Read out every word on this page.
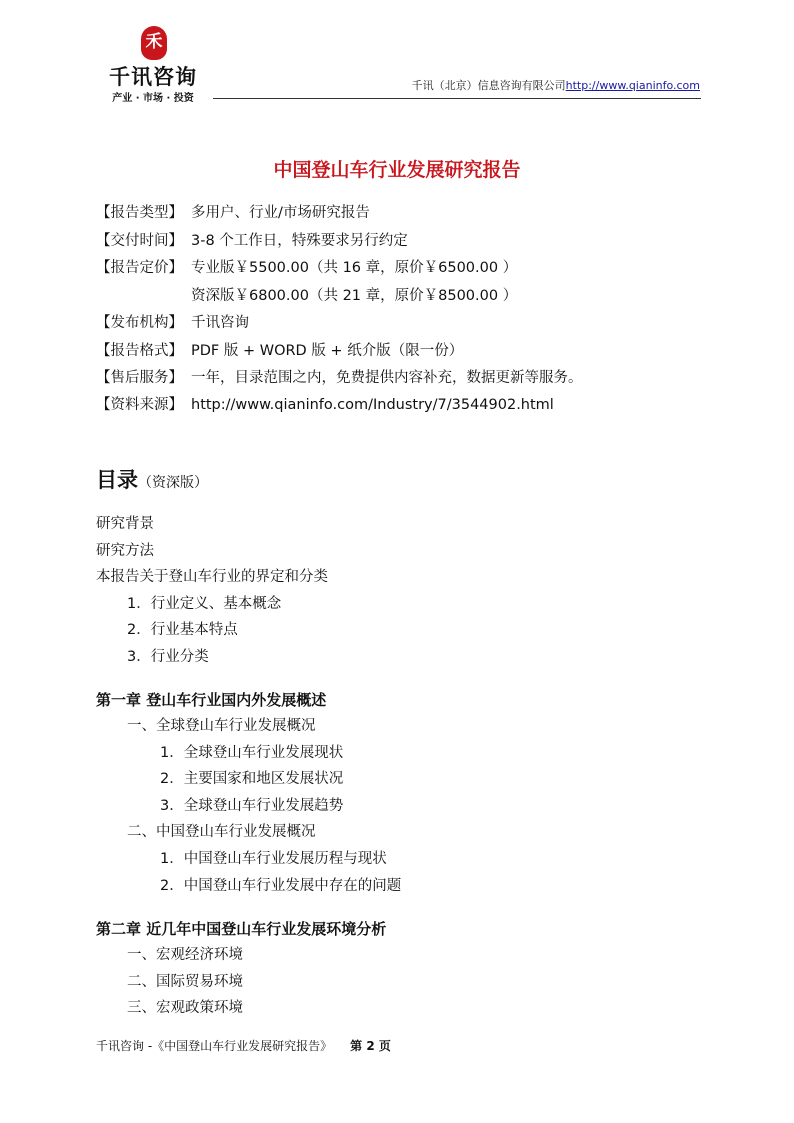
禾
千讯咨询
产业 · 市场 · 投资
千讯（北京）信息咨询有限公司http://www.qianinfo.com
中国登山车行业发展研究报告
【报告类型】 多用户、行业/市场研究报告
【交付时间】 3-8 个工作日，特殊要求另行约定
【报告定价】 专业版￥5500.00（共 16 章，原价￥6500.00 ）
资深版￥6800.00（共 21 章，原价￥8500.00 ）
【发布机构】 千讯咨询
【报告格式】 PDF 版 + WORD 版 + 纸介版（限一份）
【售后服务】 一年，目录范围之内，免费提供内容补充，数据更新等服务。
【资料来源】 http://www.qianinfo.com/Industry/7/3544902.html
目录（资深版）
研究背景
研究方法
本报告关于登山车行业的界定和分类
1．行业定义、基本概念
2．行业基本特点
3．行业分类
第一章 登山车行业国内外发展概述
一、全球登山车行业发展概况
1．全球登山车行业发展现状
2．主要国家和地区发展状况
3．全球登山车行业发展趋势
二、中国登山车行业发展概况
1．中国登山车行业发展历程与现状
2．中国登山车行业发展中存在的问题
第二章 近几年中国登山车行业发展环境分析
一、宏观经济环境
二、国际贸易环境
三、宏观政策环境
千讯咨询 -《中国登山车行业发展研究报告》 第 2 页
